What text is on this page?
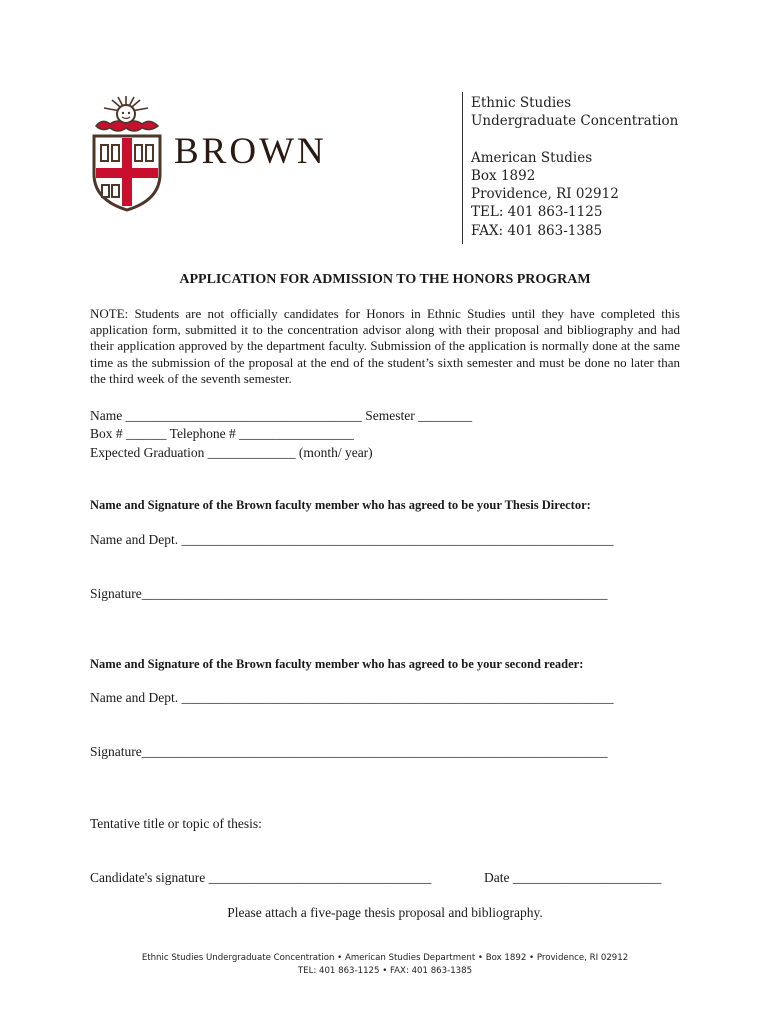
BROWN
Ethnic Studies
Undergraduate Concentration
American Studies
Box 1892
Providence, RI 02912
TEL: 401 863-1125
FAX: 401 863-1385
APPLICATION FOR ADMISSION TO THE HONORS PROGRAM
NOTE: Students are not officially candidates for Honors in Ethnic Studies until they have completed this application form, submitted it to the concentration advisor along with their proposal and bibliography and had their application approved by the department faculty. Submission of the application is normally done at the same time as the submission of the proposal at the end of the student’s sixth semester and must be done no later than the third week of the seventh semester.
Name ___________________________________ Semester ________
Box # ______ Telephone # _________________
Expected Graduation _____________ (month/ year)
Name and Signature of the Brown faculty member who has agreed to be your Thesis Director:
Name and Dept. ________________________________________________________________
Signature_____________________________________________________________________
Name and Signature of the Brown faculty member who has agreed to be your second reader:
Name and Dept. ________________________________________________________________
Signature_____________________________________________________________________
Tentative title or topic of thesis:
Candidate's signature _________________________________	Date ______________________
Please attach a five-page thesis proposal and bibliography.
Ethnic Studies Undergraduate Concentration • American Studies Department • Box 1892 • Providence, RI 02912
TEL: 401 863-1125 • FAX: 401 863-1385
